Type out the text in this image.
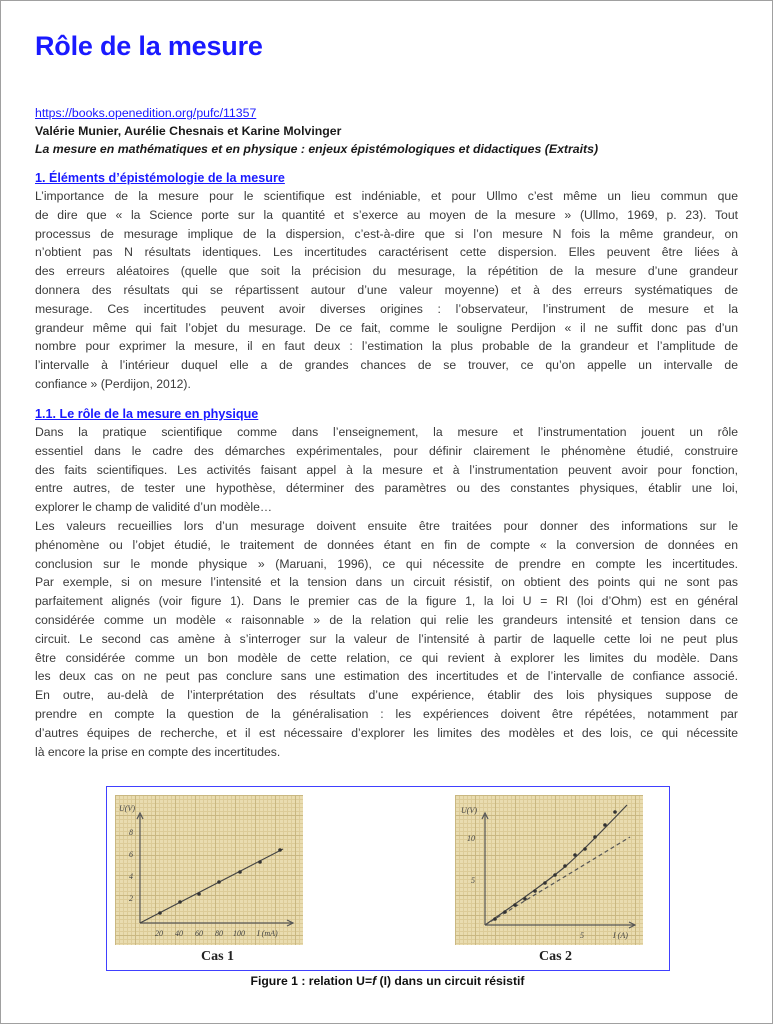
Rôle de la mesure
https://books.openedition.org/pufc/11357
Valérie Munier, Aurélie Chesnais et Karine Molvinger
La mesure en mathématiques et en physique : enjeux épistémologiques et didactiques (Extraits)
1. Éléments d’épistémologie de la mesure
L’importance de la mesure pour le scientifique est indéniable, et pour Ullmo c’est même un lieu commun que
de dire que « la Science porte sur la quantité et s’exerce au moyen de la mesure » (Ullmo, 1969, p. 23). Tout
processus de mesurage implique de la dispersion, c’est-à-dire que si l’on mesure N fois la même grandeur, on
n’obtient pas N résultats identiques. Les incertitudes caractérisent cette dispersion. Elles peuvent être liées à
des erreurs aléatoires (quelle que soit la précision du mesurage, la répétition de la mesure d’une grandeur
donnera des résultats qui se répartissent autour d’une valeur moyenne) et à des erreurs systématiques de
mesurage. Ces incertitudes peuvent avoir diverses origines : l’observateur, l’instrument de mesure et la
grandeur même qui fait l’objet du mesurage. De ce fait, comme le souligne Perdijon « il ne suffit donc pas d’un
nombre pour exprimer la mesure, il en faut deux : l’estimation la plus probable de la grandeur et l’amplitude de
l’intervalle à l’intérieur duquel elle a de grandes chances de se trouver, ce qu’on appelle un intervalle de
confiance » (Perdijon, 2012).
1.1. Le rôle de la mesure en physique
Dans la pratique scientifique comme dans l’enseignement, la mesure et l’instrumentation jouent un rôle
essentiel dans le cadre des démarches expérimentales, pour définir clairement le phénomène étudié, construire
des faits scientifiques. Les activités faisant appel à la mesure et à l’instrumentation peuvent avoir pour fonction,
entre autres, de tester une hypothèse, déterminer des paramètres ou des constantes physiques, établir une loi,
explorer le champ de validité d’un modèle…
Les valeurs recueillies lors d’un mesurage doivent ensuite être traitées pour donner des informations sur le
phénomène ou l’objet étudié, le traitement de données étant en fin de compte « la conversion de données en
conclusion sur le monde physique » (Maruani, 1996), ce qui nécessite de prendre en compte les incertitudes.
Par exemple, si on mesure l’intensité et la tension dans un circuit résistif, on obtient des points qui ne sont pas
parfaitement alignés (voir figure 1). Dans le premier cas de la figure 1, la loi U = RI (loi d’Ohm) est en général
considérée comme un modèle « raisonnable » de la relation qui relie les grandeurs intensité et tension dans ce
circuit. Le second cas amène à s’interroger sur la valeur de l’intensité à partir de laquelle cette loi ne peut plus
être considérée comme un bon modèle de cette relation, ce qui revient à explorer les limites du modèle. Dans
les deux cas on ne peut pas conclure sans une estimation des incertitudes et de l’intervalle de confiance associé.
En outre, au-delà de l’interprétation des résultats d’une expérience, établir des lois physiques suppose de
prendre en compte la question de la généralisation : les expériences doivent être répétées, notamment par
d’autres équipes de recherche, et il est nécessaire d’explorer les limites des modèles et des lois, ce qui nécessite
là encore la prise en compte des incertitudes.
U(V)
2
4
6
8
20 40 60 80 100 I (mA)
Cas 1
U(V)
5
10
5	I (A)
Cas 2
Figure 1 : relation U=f (I) dans un circuit résistif
